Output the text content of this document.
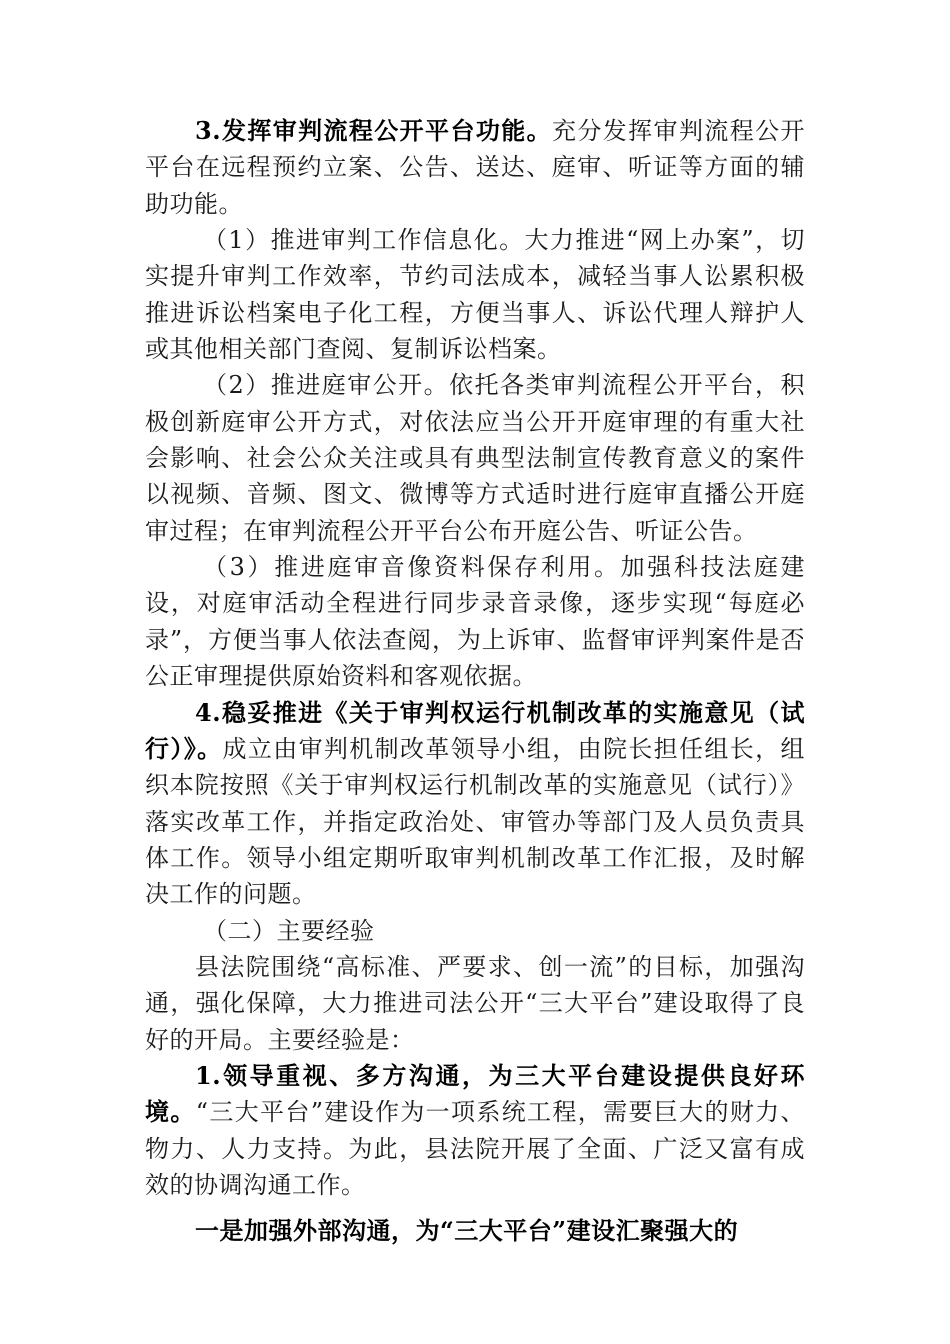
3.发挥审判流程公开平台功能。充分发挥审判流程公开平台在远程预约立案、公告、送达、庭审、听证等方面的辅助功能。

（1）推进审判工作信息化。大力推进“网上办案”，切实提升审判工作效率，节约司法成本，减轻当事人讼累积极推进诉讼档案电子化工程，方便当事人、诉讼代理人辩护人或其他相关部门查阅、复制诉讼档案。

（2）推进庭审公开。依托各类审判流程公开平台，积极创新庭审公开方式，对依法应当公开开庭审理的有重大社会影响、社会公众关注或具有典型法制宣传教育意义的案件以视频、音频、图文、微博等方式适时进行庭审直播公开庭审过程；在审判流程公开平台公布开庭公告、听证公告。

（3）推进庭审音像资料保存利用。加强科技法庭建设，对庭审活动全程进行同步录音录像，逐步实现“每庭必录”，方便当事人依法查阅，为上诉审、监督审评判案件是否公正审理提供原始资料和客观依据。

4.稳妥推进《关于审判权运行机制改革的实施意见（试行）》。成立由审判机制改革领导小组，由院长担任组长，组织本院按照《关于审判权运行机制改革的实施意见（试行）》落实改革工作，并指定政治处、审管办等部门及人员负责具体工作。领导小组定期听取审判机制改革工作汇报，及时解决工作的问题。

（二）主要经验

县法院围绕“高标准、严要求、创一流”的目标，加强沟通，强化保障，大力推进司法公开“三大平台”建设取得了良好的开局。主要经验是：

1.领导重视、多方沟通，为三大平台建设提供良好环境。“三大平台”建设作为一项系统工程，需要巨大的财力、物力、人力支持。为此，县法院开展了全面、广泛又富有成效的协调沟通工作。

一是加强外部沟通，为“三大平台”建设汇聚强大的
